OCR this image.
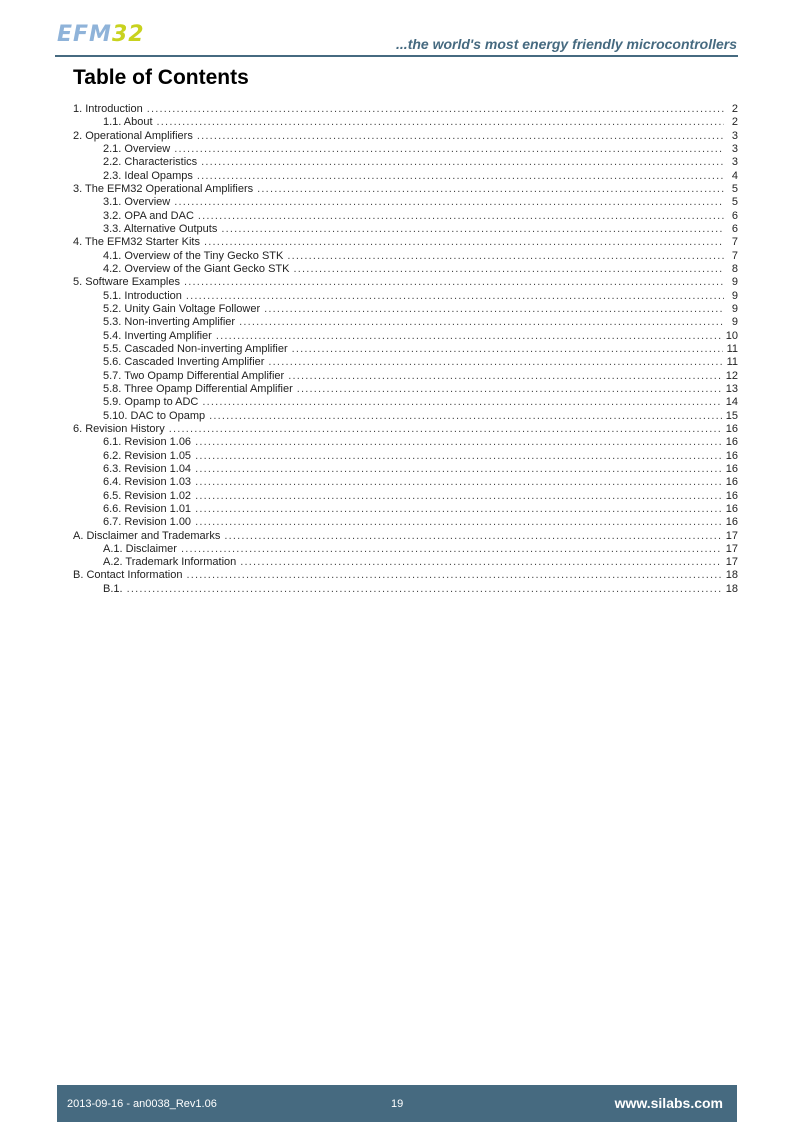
EFM32	...the world's most energy friendly microcontrollers
Table of Contents
1. Introduction .....	2
1.1. About .....	2
2. Operational Amplifiers .....	3
2.1. Overview .....	3
2.2. Characteristics .....	3
2.3. Ideal Opamps .....	4
3. The EFM32 Operational Amplifiers .....	5
3.1. Overview .....	5
3.2. OPA and DAC .....	6
3.3. Alternative Outputs .....	6
4. The EFM32 Starter Kits .....	7
4.1. Overview of the Tiny Gecko STK .....	7
4.2. Overview of the Giant Gecko STK .....	8
5. Software Examples .....	9
5.1. Introduction .....	9
5.2. Unity Gain Voltage Follower .....	9
5.3. Non-inverting Amplifier .....	9
5.4. Inverting Amplifier .....	10
5.5. Cascaded Non-inverting Amplifier .....	11
5.6. Cascaded Inverting Amplifier .....	11
5.7. Two Opamp Differential Amplifier .....	12
5.8. Three Opamp Differential Amplifier .....	13
5.9. Opamp to ADC .....	14
5.10. DAC to Opamp .....	15
6. Revision History .....	16
6.1. Revision 1.06 .....	16
6.2. Revision 1.05 .....	16
6.3. Revision 1.04 .....	16
6.4. Revision 1.03 .....	16
6.5. Revision 1.02 .....	16
6.6. Revision 1.01 .....	16
6.7. Revision 1.00 .....	16
A. Disclaimer and Trademarks .....	17
A.1. Disclaimer .....	17
A.2. Trademark Information .....	17
B. Contact Information .....	18
B.1. .....	18
2013-09-16 - an0038_Rev1.06	19	www.silabs.com
